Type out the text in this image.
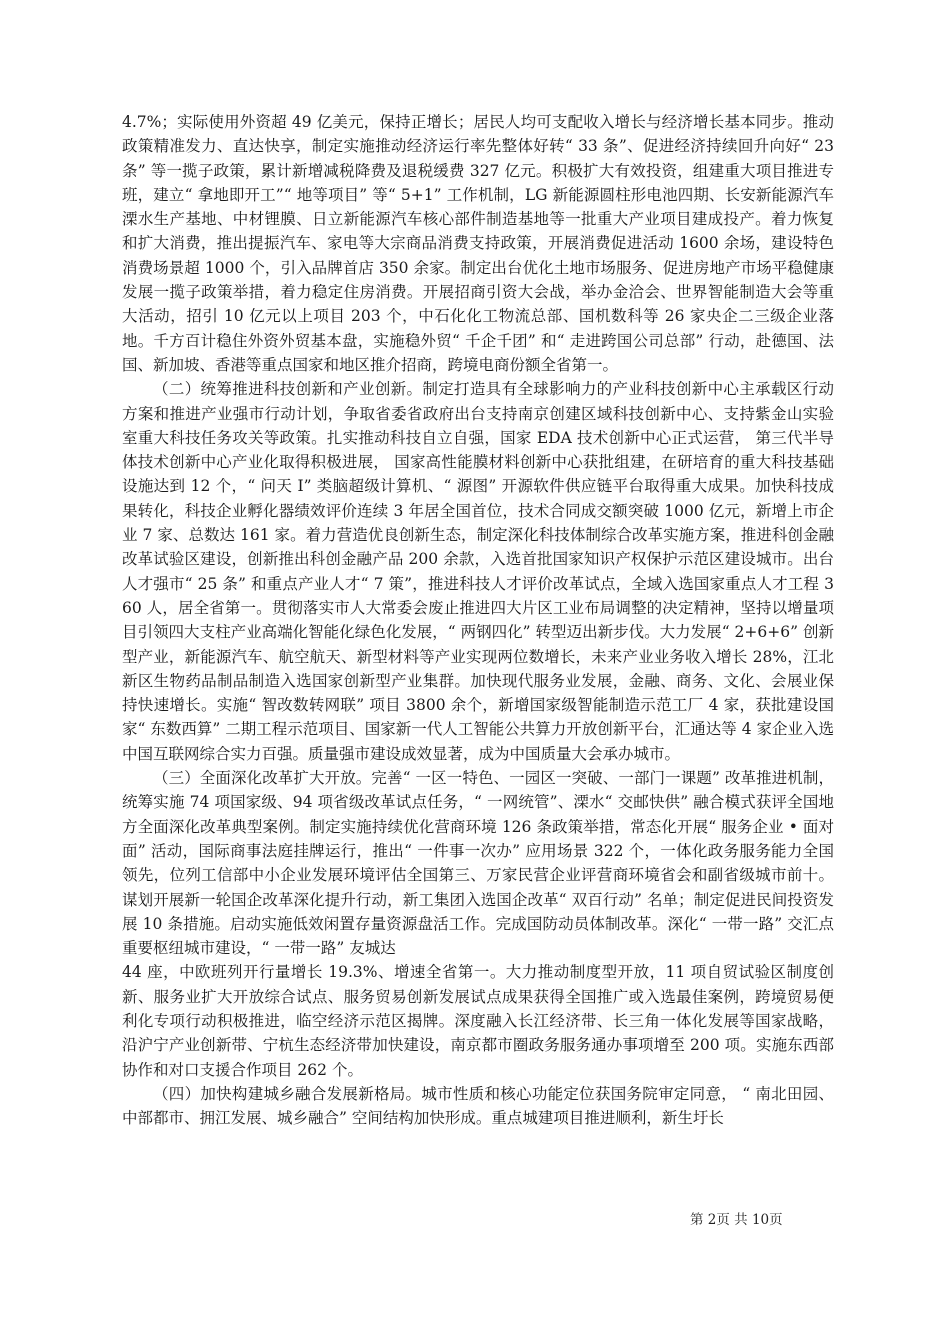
4.7%；实际使用外资超 49 亿美元，保持正增长；居民人均可支配收入增长与经济增长基本同步。推动政策精准发力、直达快享，制定实施推动经济运行率先整体好转“ 33 条”、促进经济持续回升向好“ 23 条” 等一揽子政策，累计新增减税降费及退税缓费 327 亿元。积极扩大有效投资，组建重大项目推进专班，建立“ 拿地即开工”“ 地等项目” 等“ 5+1” 工作机制，LG 新能源圆柱形电池四期、长安新能源汽车溧水生产基地、中材锂膜、日立新能源汽车核心部件制造基地等一批重大产业项目建成投产。着力恢复和扩大消费，推出提振汽车、家电等大宗商品消费支持政策，开展消费促进活动 1600 余场，建设特色消费场景超 1000 个，引入品牌首店 350 余家。制定出台优化土地市场服务、促进房地产市场平稳健康发展一揽子政策举措，着力稳定住房消费。开展招商引资大会战，举办金洽会、世界智能制造大会等重大活动，招引 10 亿元以上项目 203 个，中石化化工物流总部、国机数科等 26 家央企二三级企业落地。千方百计稳住外资外贸基本盘，实施稳外贸“ 千企千团” 和“ 走进跨国公司总部” 行动，赴德国、法国、新加坡、香港等重点国家和地区推介招商，跨境电商份额全省第一。

（二）统筹推进科技创新和产业创新。制定打造具有全球影响力的产业科技创新中心主承载区行动方案和推进产业强市行动计划，争取省委省政府出台支持南京创建区域科技创新中心、支持紫金山实验室重大科技任务攻关等政策。扎实推动科技自立自强，国家 EDA 技术创新中心正式运营， 第三代半导体技术创新中心产业化取得积极进展， 国家高性能膜材料创新中心获批组建，在研培育的重大科技基础设施达到 12 个，“ 问天 I” 类脑超级计算机、“ 源图” 开源软件供应链平台取得重大成果。加快科技成果转化，科技企业孵化器绩效评价连续 3 年居全国首位，技术合同成交额突破 1000 亿元，新增上市企业 7 家、总数达 161 家。着力营造优良创新生态，制定深化科技体制综合改革实施方案，推进科创金融改革试验区建设，创新推出科创金融产品 200 余款，入选首批国家知识产权保护示范区建设城市。出台人才强市“ 25 条” 和重点产业人才“ 7 策”，推进科技人才评价改革试点，全域入选国家重点人才工程 360 人，居全省第一。贯彻落实市人大常委会废止推进四大片区工业布局调整的决定精神，坚持以增量项目引领四大支柱产业高端化智能化绿色化发展，“ 两钢四化” 转型迈出新步伐。大力发展“ 2+6+6” 创新型产业，新能源汽车、航空航天、新型材料等产业实现两位数增长，未来产业业务收入增长 28%，江北新区生物药品制品制造入选国家创新型产业集群。加快现代服务业发展，金融、商务、文化、会展业保持快速增长。实施“ 智改数转网联” 项目 3800 余个，新增国家级智能制造示范工厂 4 家，获批建设国家“ 东数西算” 二期工程示范项目、国家新一代人工智能公共算力开放创新平台，汇通达等 4 家企业入选中国互联网综合实力百强。质量强市建设成效显著，成为中国质量大会承办城市。

（三）全面深化改革扩大开放。完善“ 一区一特色、一园区一突破、一部门一课题” 改革推进机制，统筹实施 74 项国家级、94 项省级改革试点任务，“ 一网统管”、溧水“ 交邮快供” 融合模式获评全国地方全面深化改革典型案例。制定实施持续优化营商环境 126 条政策举措，常态化开展“ 服务企业 • 面对面” 活动，国际商事法庭挂牌运行，推出“ 一件事一次办” 应用场景 322 个，一体化政务服务能力全国领先，位列工信部中小企业发展环境评估全国第三、万家民营企业评营商环境省会和副省级城市前十。谋划开展新一轮国企改革深化提升行动，新工集团入选国企改革“ 双百行动” 名单；制定促进民间投资发展 10 条措施。启动实施低效闲置存量资源盘活工作。完成国防动员体制改革。深化“ 一带一路” 交汇点重要枢纽城市建设，“ 一带一路” 友城达

44 座，中欧班列开行量增长 19.3%、增速全省第一。大力推动制度型开放，11 项自贸试验区制度创新、服务业扩大开放综合试点、服务贸易创新发展试点成果获得全国推广或入选最佳案例，跨境贸易便利化专项行动积极推进，临空经济示范区揭牌。深度融入长江经济带、长三角一体化发展等国家战略，沿沪宁产业创新带、宁杭生态经济带加快建设，南京都市圈政务服务通办事项增至 200 项。实施东西部协作和对口支援合作项目 262 个。

（四）加快构建城乡融合发展新格局。城市性质和核心功能定位获国务院审定同意， “ 南北田园、中部都市、拥江发展、城乡融合” 空间结构加快形成。重点城建项目推进顺利，新生圩长

第 2页 共 10页
